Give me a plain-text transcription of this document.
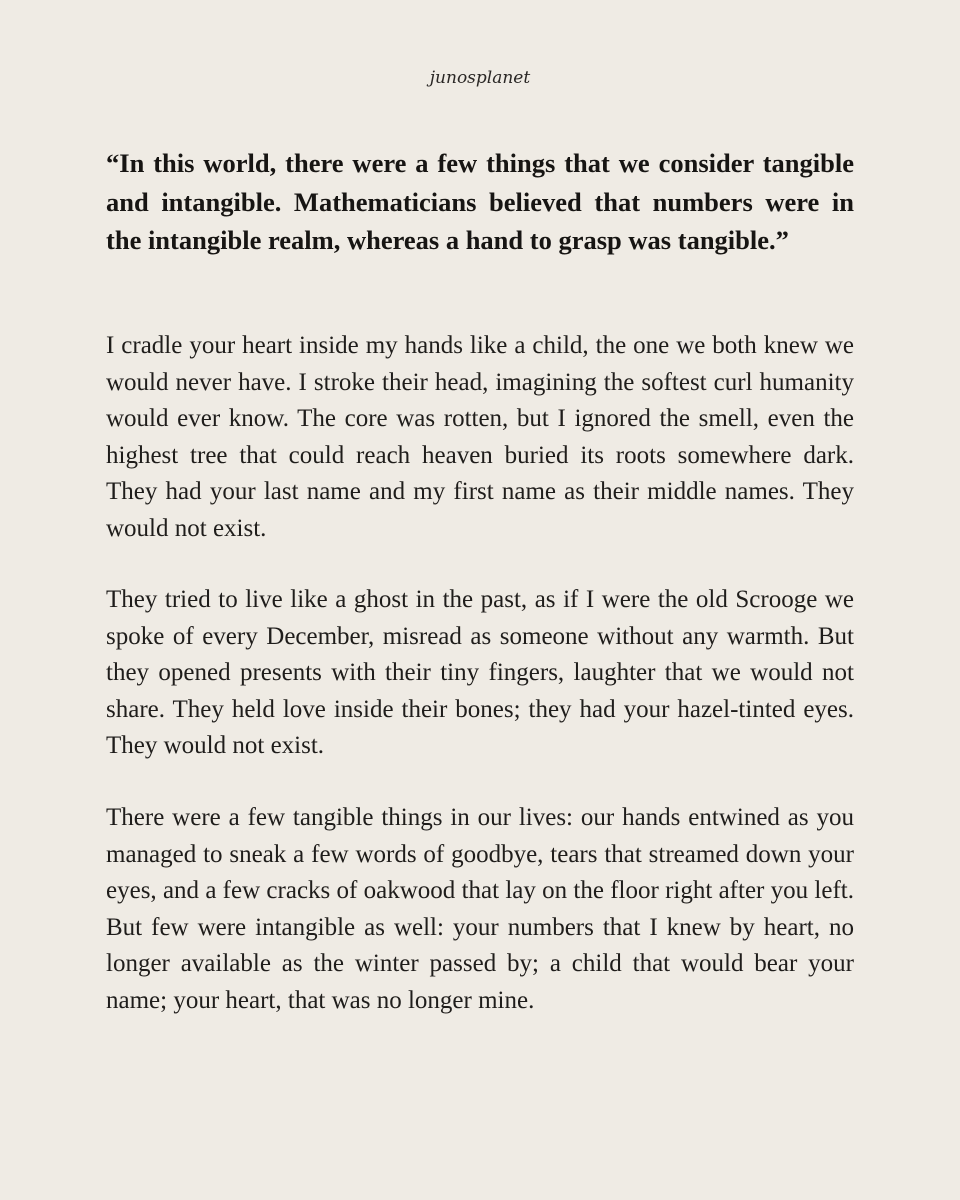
junosplanet

“In this world, there were a few things that we consider tangible and intangible. Mathematicians believed that numbers were in the intangible realm, whereas a hand to grasp was tangible.”

I cradle your heart inside my hands like a child, the one we both knew we would never have. I stroke their head, imagining the softest curl humanity would ever know. The core was rotten, but I ignored the smell, even the highest tree that could reach heaven buried its roots somewhere dark. They had your last name and my first name as their middle names. They would not exist.

They tried to live like a ghost in the past, as if I were the old Scrooge we spoke of every December, misread as someone without any warmth. But they opened presents with their tiny fingers, laughter that we would not share. They held love inside their bones; they had your hazel-tinted eyes. They would not exist.

There were a few tangible things in our lives: our hands entwined as you managed to sneak a few words of goodbye, tears that streamed down your eyes, and a few cracks of oakwood that lay on the floor right after you left. But few were intangible as well: your numbers that I knew by heart, no longer available as the winter passed by; a child that would bear your name; your heart, that was no longer mine.
